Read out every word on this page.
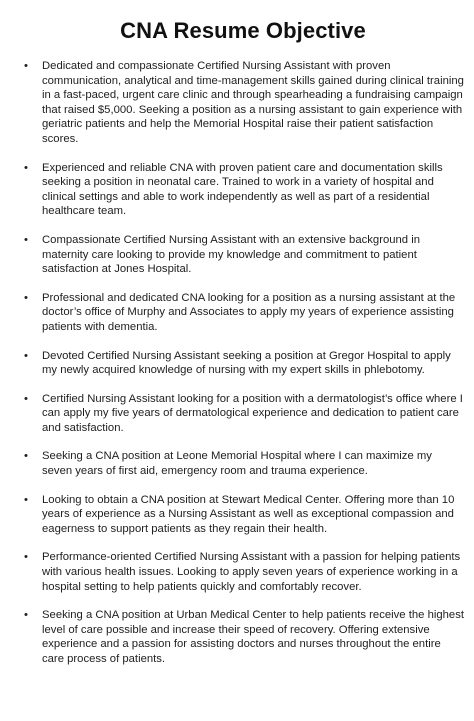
CNA Resume Objective
• Dedicated and compassionate Certified Nursing Assistant with proven communication, analytical and time-management skills gained during clinical training in a fast-paced, urgent care clinic and through spearheading a fundraising campaign that raised $5,000. Seeking a position as a nursing assistant to gain experience with geriatric patients and help the Memorial Hospital raise their patient satisfaction scores.
• Experienced and reliable CNA with proven patient care and documentation skills seeking a position in neonatal care. Trained to work in a variety of hospital and clinical settings and able to work independently as well as part of a residential healthcare team.
• Compassionate Certified Nursing Assistant with an extensive background in maternity care looking to provide my knowledge and commitment to patient satisfaction at Jones Hospital.
• Professional and dedicated CNA looking for a position as a nursing assistant at the doctor’s office of Murphy and Associates to apply my years of experience assisting patients with dementia.
• Devoted Certified Nursing Assistant seeking a position at Gregor Hospital to apply my newly acquired knowledge of nursing with my expert skills in phlebotomy.
• Certified Nursing Assistant looking for a position with a dermatologist’s office where I can apply my five years of dermatological experience and dedication to patient care and satisfaction.
• Seeking a CNA position at Leone Memorial Hospital where I can maximize my seven years of first aid, emergency room and trauma experience.
• Looking to obtain a CNA position at Stewart Medical Center. Offering more than 10 years of experience as a Nursing Assistant as well as exceptional compassion and eagerness to support patients as they regain their health.
• Performance-oriented Certified Nursing Assistant with a passion for helping patients with various health issues. Looking to apply seven years of experience working in a hospital setting to help patients quickly and comfortably recover.
• Seeking a CNA position at Urban Medical Center to help patients receive the highest level of care possible and increase their speed of recovery. Offering extensive experience and a passion for assisting doctors and nurses throughout the entire care process of patients.
